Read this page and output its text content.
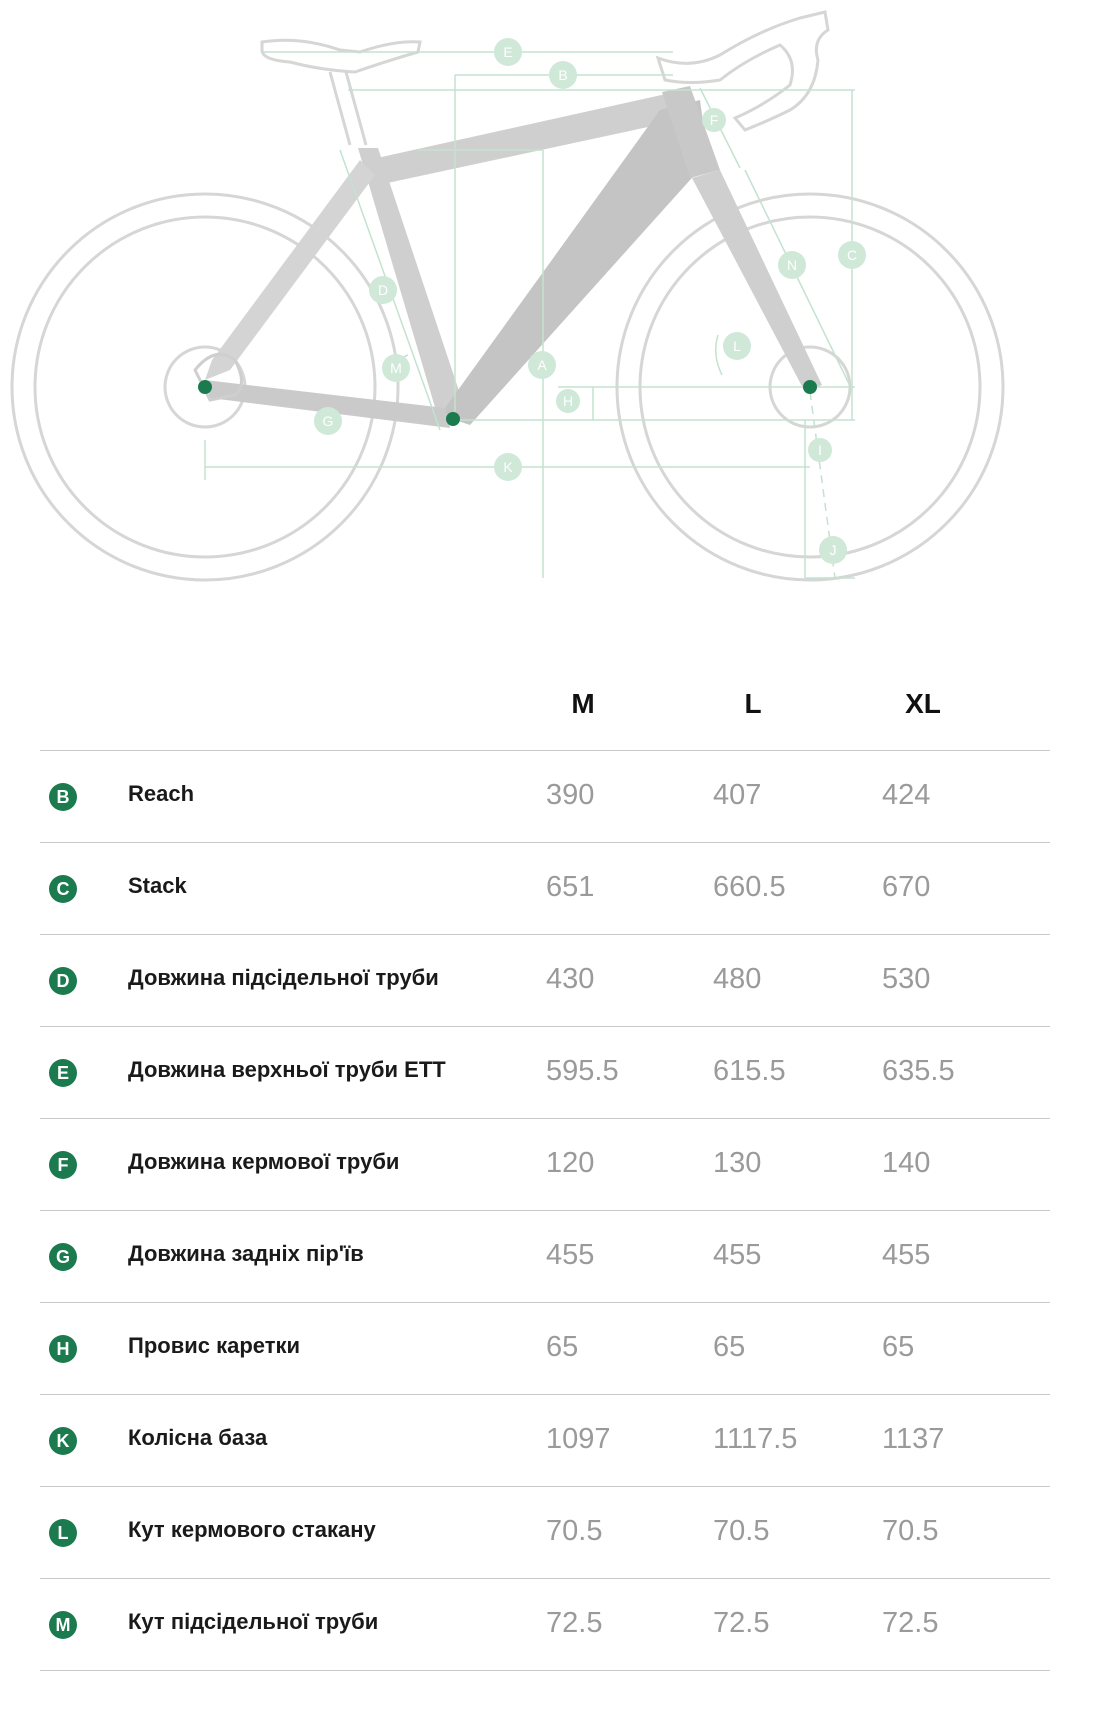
E
B
F
C
N
D
A
L
M
H
G
I
K
J
M	L	XL
B	Reach	390	407	424
C	Stack	651	660.5	670
D	Довжина підсідельної труби	430	480	530
E	Довжина верхньої труби ETT	595.5	615.5	635.5
F	Довжина кермової труби	120	130	140
G	Довжина задніх пір'їв	455	455	455
H	Провис каретки	65	65	65
K	Колісна база	1097	1117.5	1137
L	Кут кермового стакану	70.5	70.5	70.5
M	Кут підсідельної труби	72.5	72.5	72.5
